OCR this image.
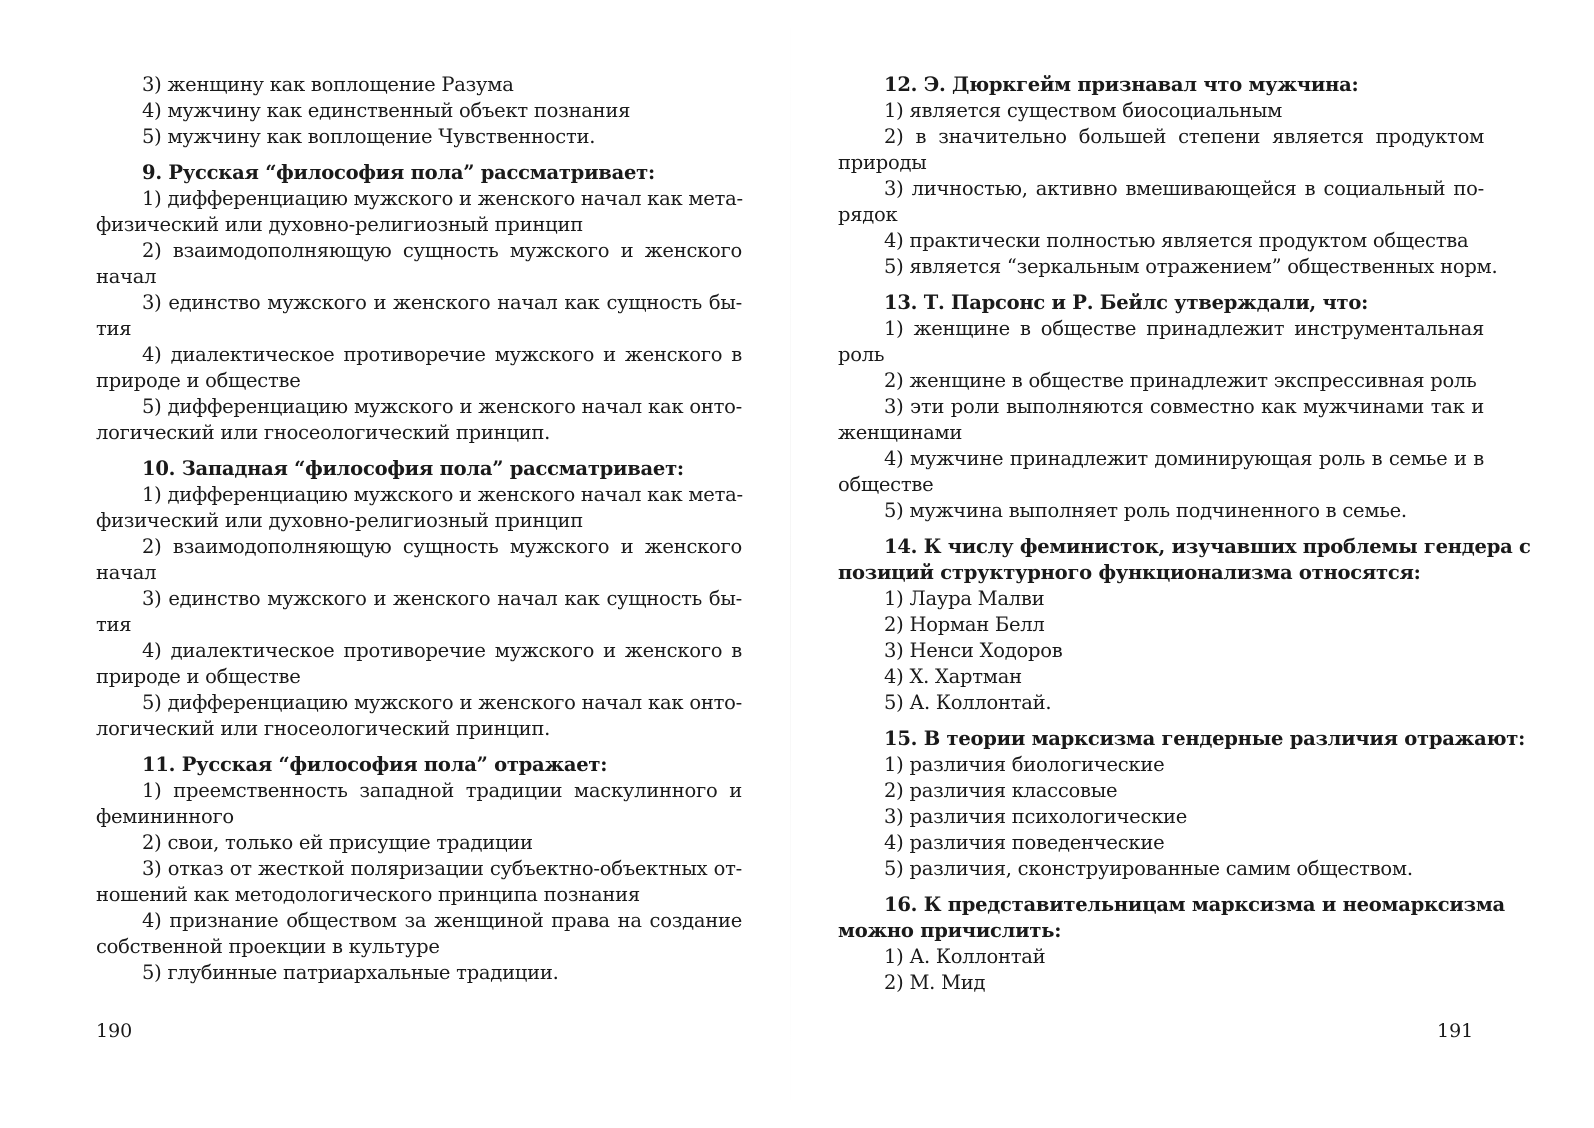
3) женщину как воплощение Разума
4) мужчину как единственный объект познания
5) мужчину как воплощение Чувственности.
9. Русская “философия пола” рассматривает:
1) дифференциацию мужского и женского начал как мета-
физический или духовно-религиозный принцип
2) взаимодополняющую сущность мужского и женского
начал
3) единство мужского и женского начал как сущность бы-
тия
4) диалектическое противоречие мужского и женского в
природе и обществе
5) дифференциацию мужского и женского начал как онто-
логический или гносеологический принцип.
10. Западная “философия пола” рассматривает:
1) дифференциацию мужского и женского начал как мета-
физический или духовно-религиозный принцип
2) взаимодополняющую сущность мужского и женского
начал
3) единство мужского и женского начал как сущность бы-
тия
4) диалектическое противоречие мужского и женского в
природе и обществе
5) дифференциацию мужского и женского начал как онто-
логический или гносеологический принцип.
11. Русская “философия пола” отражает:
1) преемственность западной традиции маскулинного и
фемининного
2) свои, только ей присущие традиции
3) отказ от жесткой поляризации субъектно-объектных от-
ношений как методологического принципа познания
4) признание обществом за женщиной права на создание
собственной проекции в культуре
5) глубинные патриархальные традиции.
190
12. Э. Дюркгейм признавал что мужчина:
1) является существом биосоциальным
2) в значительно большей степени является продуктом
природы
3) личностью, активно вмешивающейся в социальный по-
рядок
4) практически полностью является продуктом общества
5) является “зеркальным отражением” общественных норм.
13. Т. Парсонс и Р. Бейлс утверждали, что:
1) женщине в обществе принадлежит инструментальная
роль
2) женщине в обществе принадлежит экспрессивная роль
3) эти роли выполняются совместно как мужчинами так и
женщинами
4) мужчине принадлежит доминирующая роль в семье и в
обществе
5) мужчина выполняет роль подчиненного в семье.
14. К числу феминисток, изучавших проблемы гендера с
позиций структурного функционализма относятся:
1) Лаура Малви
2) Норман Белл
3) Ненси Ходоров
4) Х. Хартман
5) А. Коллонтай.
15. В теории марксизма гендерные различия отражают:
1) различия биологические
2) различия классовые
3) различия психологические
4) различия поведенческие
5) различия, сконструированные самим обществом.
16. К представительницам марксизма и неомарксизма
можно причислить:
1) А. Коллонтай
2) М. Мид
191
